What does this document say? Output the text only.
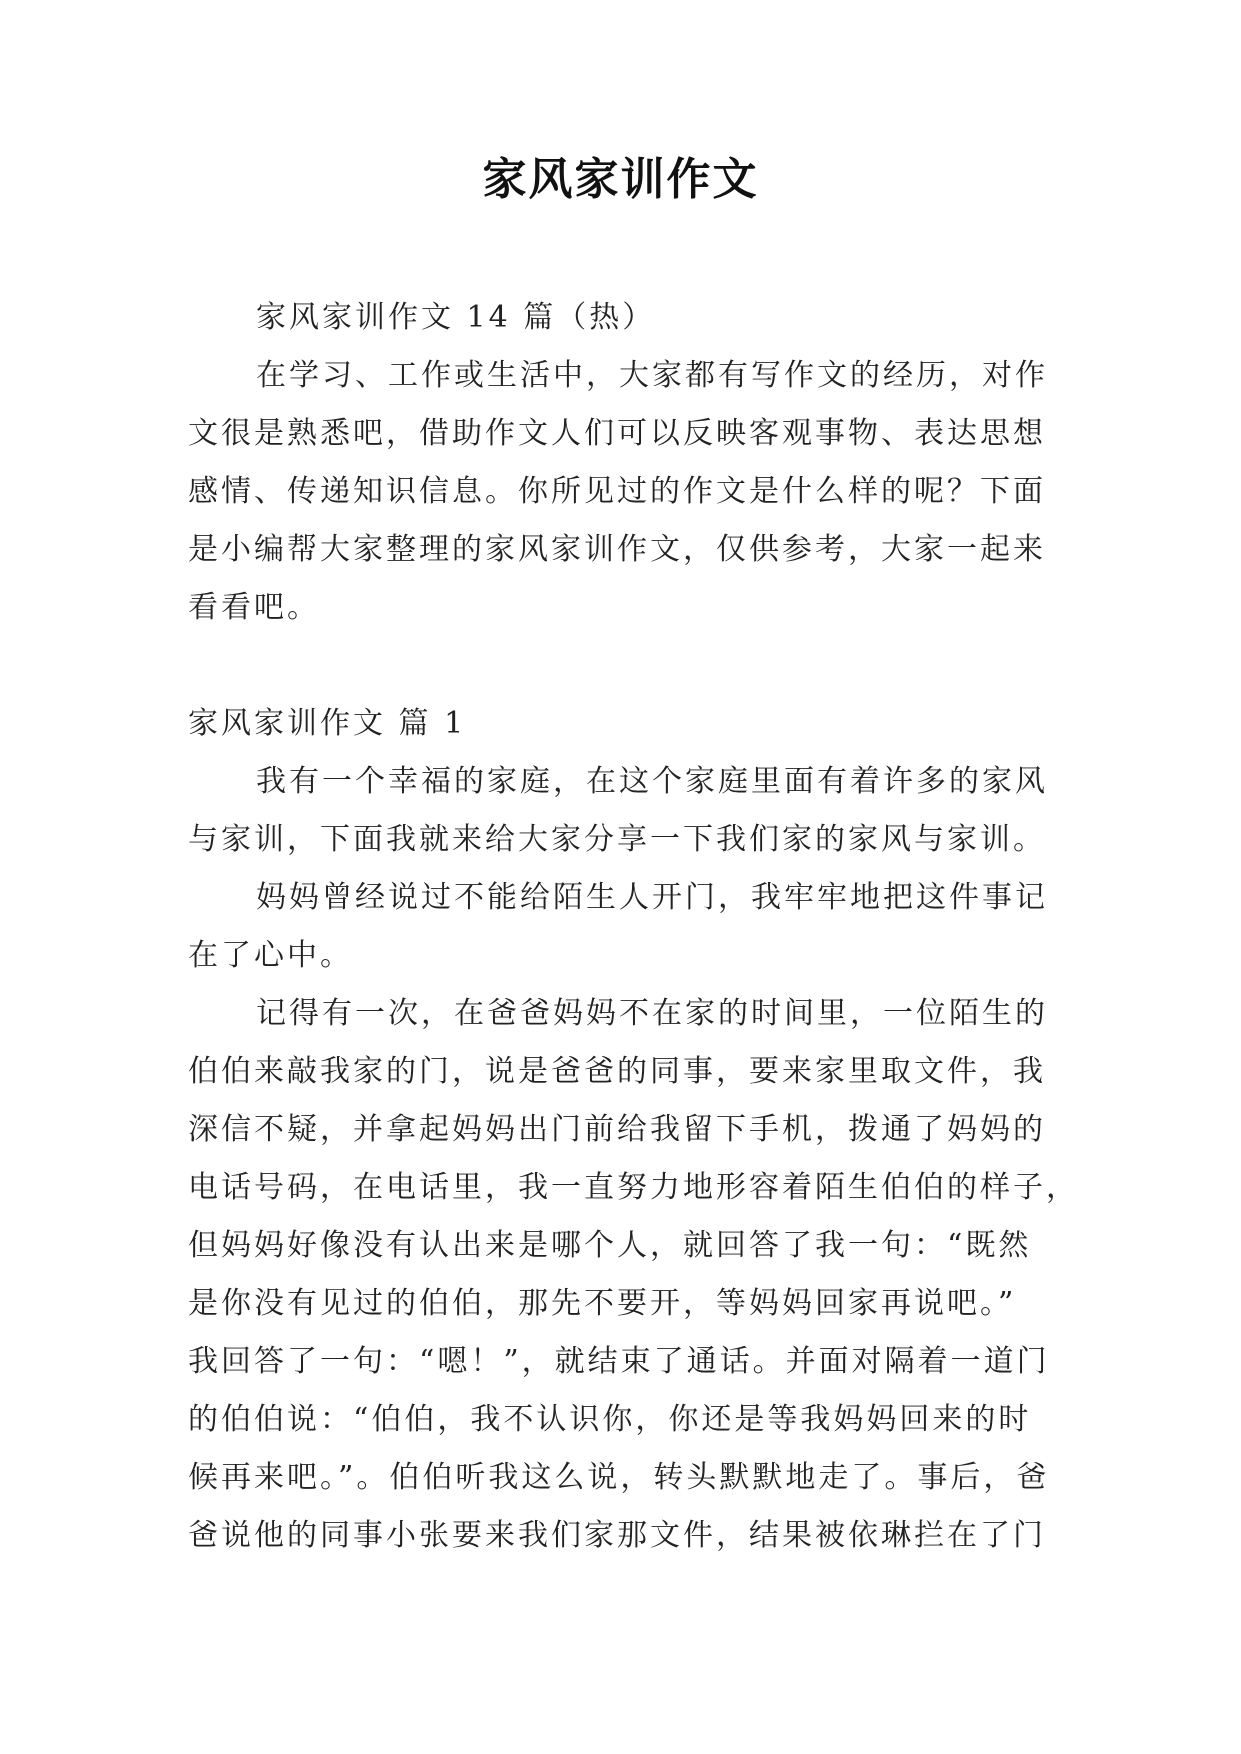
家风家训作文
家风家训作文 14 篇（热）
在学习、工作或生活中，大家都有写作文的经历，对作
文很是熟悉吧，借助作文人们可以反映客观事物、表达思想
感情、传递知识信息。你所见过的作文是什么样的呢？下面
是小编帮大家整理的家风家训作文，仅供参考，大家一起来
看看吧。
家风家训作文 篇 1
我有一个幸福的家庭，在这个家庭里面有着许多的家风
与家训，下面我就来给大家分享一下我们家的家风与家训。
妈妈曾经说过不能给陌生人开门，我牢牢地把这件事记
在了心中。
记得有一次，在爸爸妈妈不在家的时间里，一位陌生的
伯伯来敲我家的门，说是爸爸的同事，要来家里取文件，我
深信不疑，并拿起妈妈出门前给我留下手机，拨通了妈妈的
电话号码，在电话里，我一直努力地形容着陌生伯伯的样子，
但妈妈好像没有认出来是哪个人，就回答了我一句：“既然
是你没有见过的伯伯，那先不要开，等妈妈回家再说吧。”
我回答了一句：“嗯！”，就结束了通话。并面对隔着一道门
的伯伯说：“伯伯，我不认识你，你还是等我妈妈回来的时
候再来吧。”。伯伯听我这么说，转头默默地走了。事后，爸
爸说他的同事小张要来我们家那文件，结果被依琳拦在了门
